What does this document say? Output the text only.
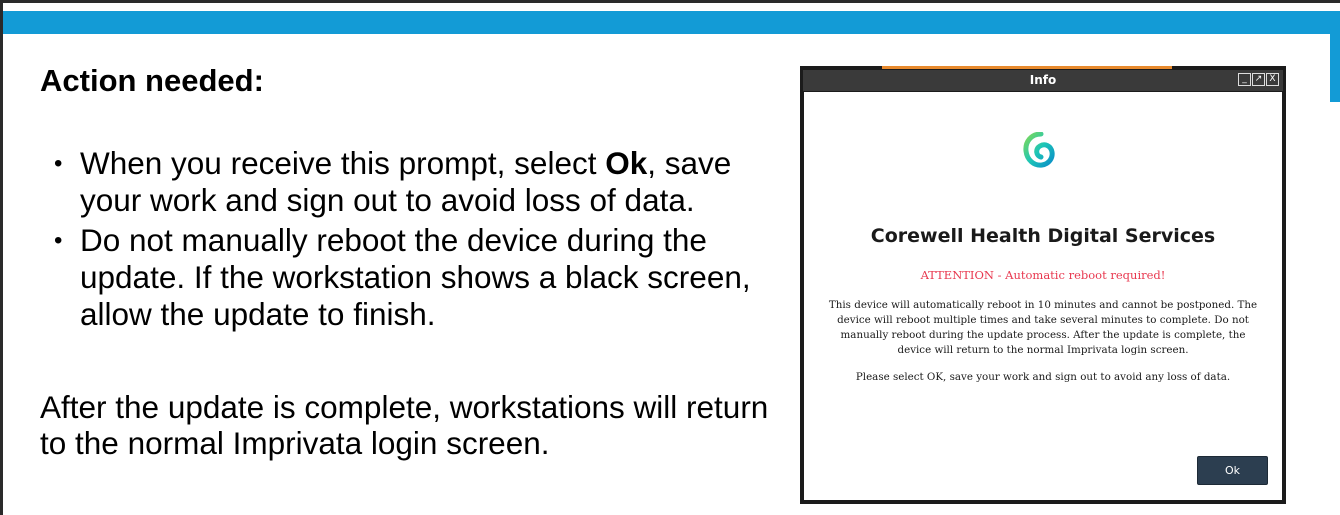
Action needed:
• When you receive this prompt, select Ok, save your work and sign out to avoid loss of data.
• Do not manually reboot the device during the update. If the workstation shows a black screen, allow the update to finish.
After the update is complete, workstations will return to the normal Imprivata login screen.
Info	_ ↗ X
Corewell Health Digital Services
ATTENTION - Automatic reboot required!
This device will automatically reboot in 10 minutes and cannot be postponed. The device will reboot multiple times and take several minutes to complete. Do not manually reboot during the update process. After the update is complete, the device will return to the normal Imprivata login screen.
Please select OK, save your work and sign out to avoid any loss of data.
Ok
